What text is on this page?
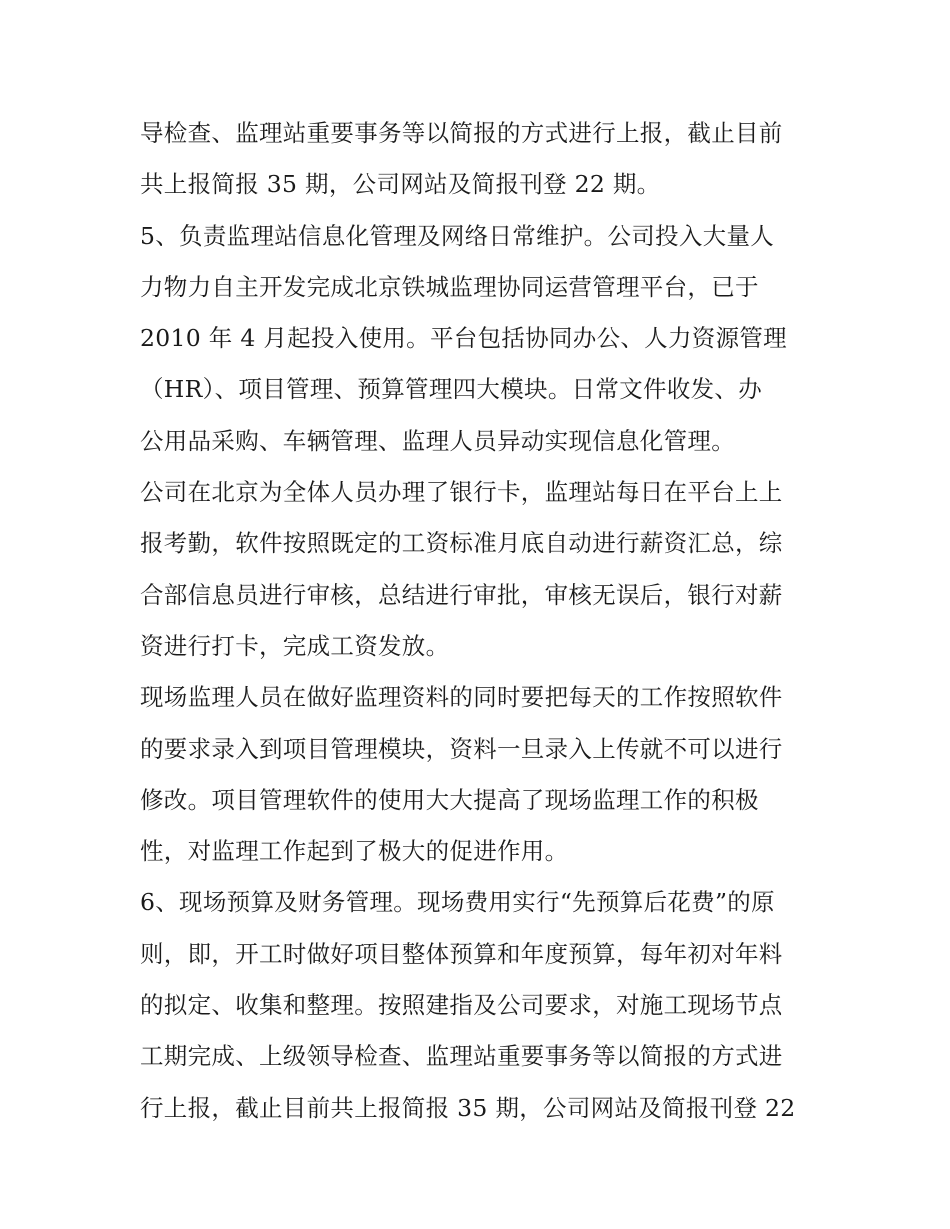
导检查、监理站重要事务等以简报的方式进行上报，截止目前
共上报简报 35 期，公司网站及简报刊登 22 期。
5、负责监理站信息化管理及网络日常维护。公司投入大量人
力物力自主开发完成北京铁城监理协同运营管理平台，已于
2010 年 4 月起投入使用。平台包括协同办公、人力资源管理
（HR）、项目管理、预算管理四大模块。日常文件收发、办
公用品采购、车辆管理、监理人员异动实现信息化管理。
公司在北京为全体人员办理了银行卡，监理站每日在平台上上
报考勤，软件按照既定的工资标准月底自动进行薪资汇总，综
合部信息员进行审核，总结进行审批，审核无误后，银行对薪
资进行打卡，完成工资发放。
现场监理人员在做好监理资料的同时要把每天的工作按照软件
的要求录入到项目管理模块，资料一旦录入上传就不可以进行
修改。项目管理软件的使用大大提高了现场监理工作的积极
性，对监理工作起到了极大的促进作用。
6、现场预算及财务管理。现场费用实行“先预算后花费”的原
则，即，开工时做好项目整体预算和年度预算，每年初对年料
的拟定、收集和整理。按照建指及公司要求，对施工现场节点
工期完成、上级领导检查、监理站重要事务等以简报的方式进
行上报，截止目前共上报简报 35 期，公司网站及简报刊登 22
